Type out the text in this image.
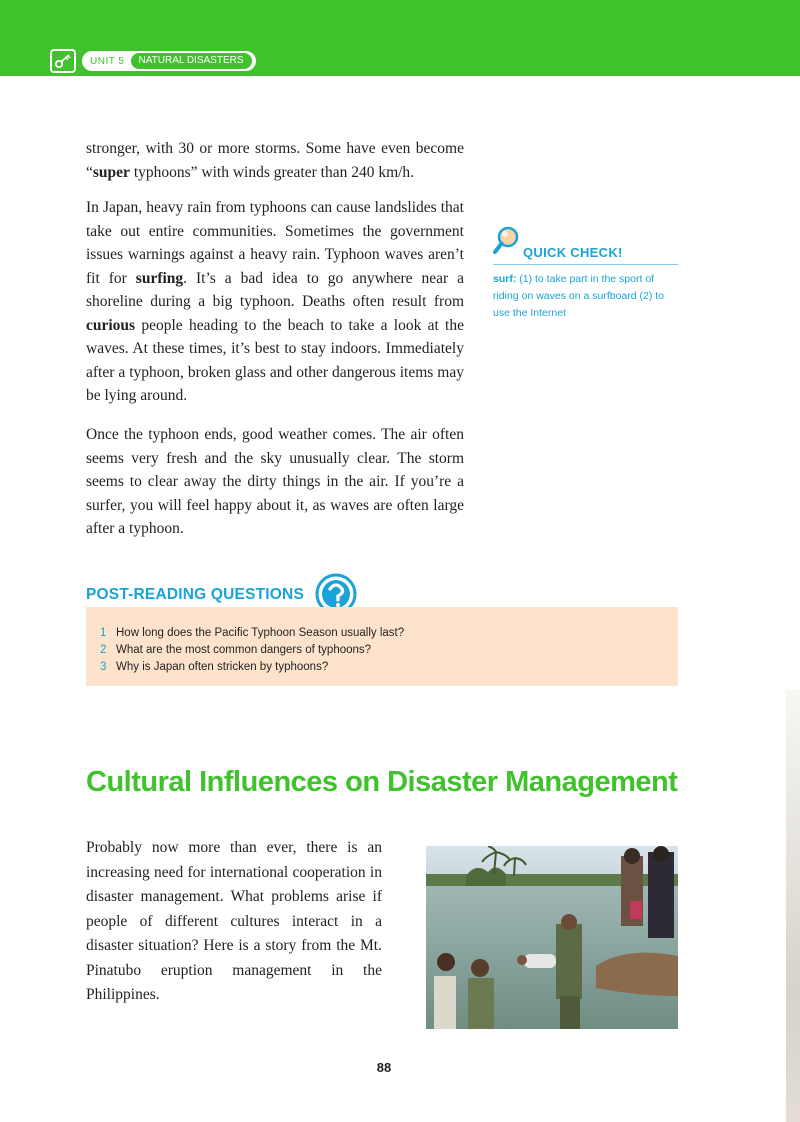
UNIT 5	NATURAL DISASTERS

stronger, with 30 or more storms. Some have even become “super typhoons” with winds greater than 240 km/h.

In Japan, heavy rain from typhoons can cause landslides that take out entire communities. Sometimes the government issues warnings against a heavy rain. Typhoon waves aren’t fit for surfing. It’s a bad idea to go anywhere near a shoreline during a big typhoon. Deaths often result from curious people heading to the beach to take a look at the waves. At these times, it’s best to stay indoors. Immediately after a typhoon, broken glass and other dangerous items may be lying around.

Once the typhoon ends, good weather comes. The air often seems very fresh and the sky unusually clear. The storm seems to clear away the dirty things in the air. If you’re a surfer, you will feel happy about it, as waves are often large after a typhoon.

QUICK CHECK!
surf: (1) to take part in the sport of riding on waves on a surfboard (2) to use the Internet
POST-READING QUESTIONS
1 How long does the Pacific Typhoon Season usually last?
2 What are the most common dangers of typhoons?
3 Why is Japan often stricken by typhoons?
Cultural Influences on Disaster Management

Probably now more than ever, there is an increasing need for international cooperation in disaster management. What problems arise if people of different cultures interact in a disaster situation? Here is a story from the Mt. Pinatubo eruption management in the Philippines.

88
